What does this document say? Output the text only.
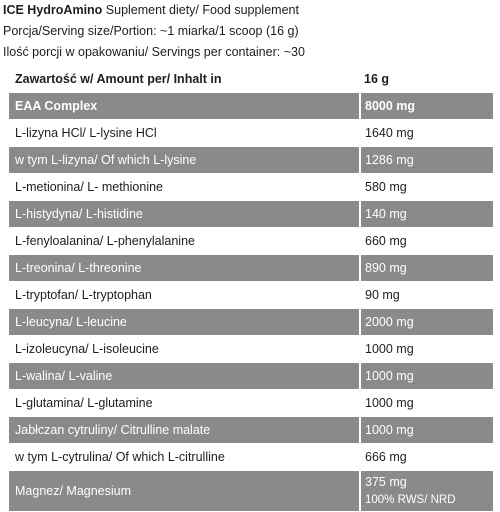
ICE HydroAmino Suplement diety/ Food supplement
Porcja/Serving size/Portion: ~1 miarka/1 scoop (16 g)
Ilość porcji w opakowaniu/ Servings per container: ~30
Zawartość w/ Amount per/ Inhalt in	16 g
EAA Complex	8000 mg
L-lizyna HCl/ L-lysine HCl	1640 mg
w tym L-lizyna/ Of which L-lysine	1286 mg
L-metionina/ L- methionine	580 mg
L-histydyna/ L-histidine	140 mg
L-fenyloalanina/ L-phenylalanine	660 mg
L-treonina/ L-threonine	890 mg
L-tryptofan/ L-tryptophan	90 mg
L-leucyna/ L-leucine	2000 mg
L-izoleucyna/ L-isoleucine	1000 mg
L-walina/ L-valine	1000 mg
L-glutamina/ L-glutamine	1000 mg
Jabłczan cytruliny/ Citrulline malate	1000 mg
w tym L-cytrulina/ Of which L-citrulline	666 mg
Magnez/ Magnesium	375 mg
100% RWS/ NRD
